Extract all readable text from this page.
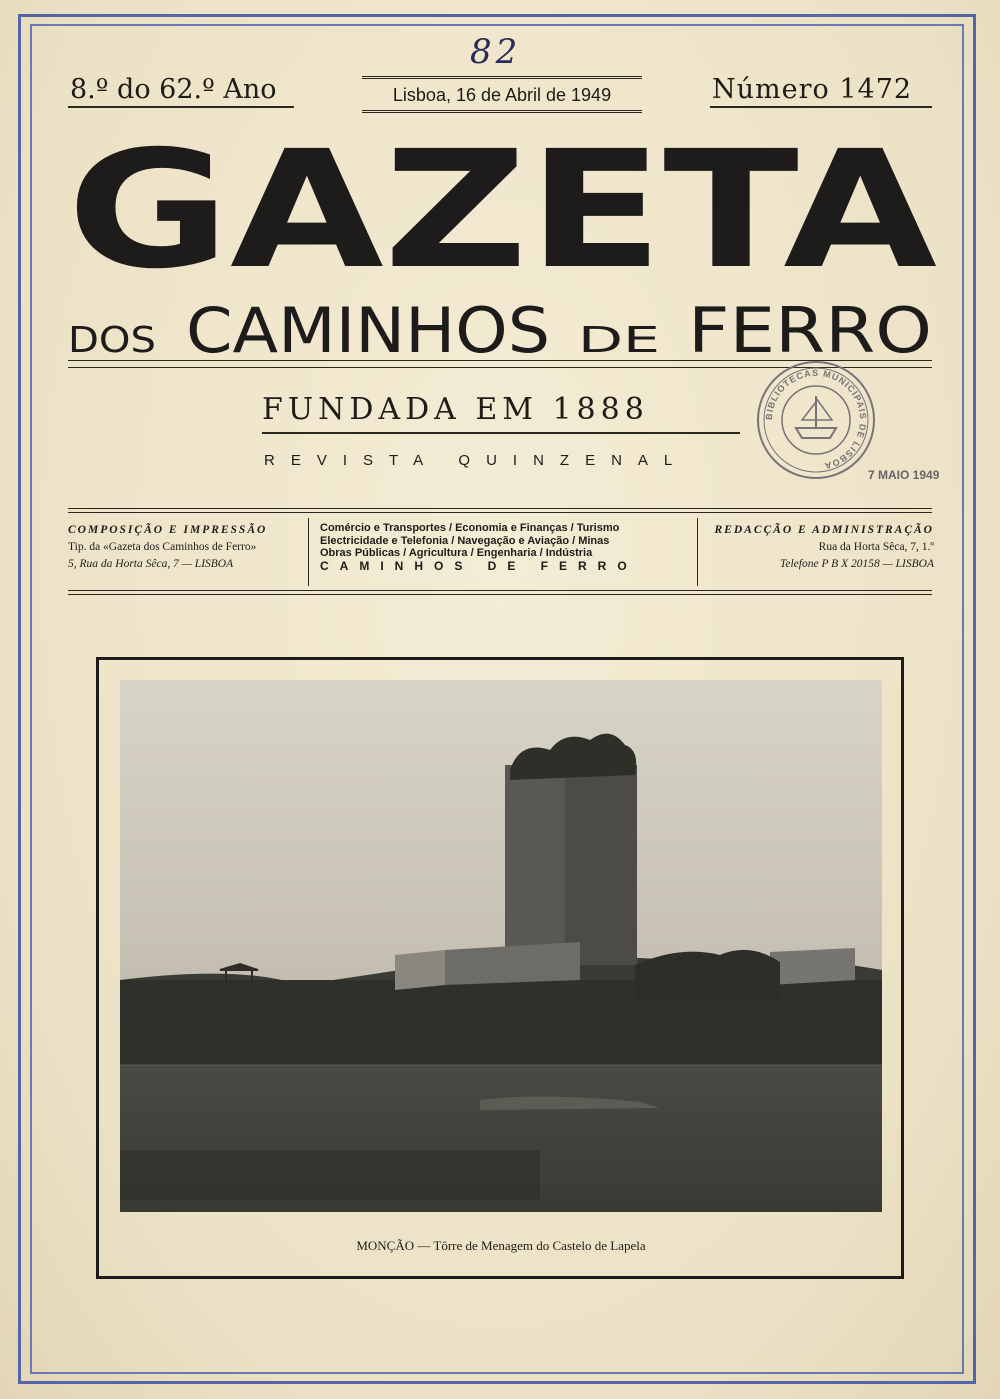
82
8.º do 62.º Ano	Lisboa, 16 de Abril de 1949	Número 1472
GAZETA
DOS CAMINHOS DE FERRO
FUNDADA EM 1888
REVISTA QUINZENAL
BIBLIOTECAS MUNICIPAIS DE LISBOA
7 MAIO 1949
COMPOSIÇÃO E IMPRESSÃO
Tip. da «Gazeta dos Caminhos de Ferro»
5, Rua da Horta Sêca, 7 — LISBOA
Comércio e Transportes / Economia e Finanças / Turismo
Electricidade e Telefonia / Navegação e Aviação / Minas
Obras Públicas / Agricultura / Engenharia / Indústria
CAMINHOS DE FERRO
REDACÇÃO E ADMINISTRAÇÃO
Rua da Horta Sêca, 7, 1.º
Telefone P B X 20158 — LISBOA
MONÇÃO — Tôrre de Menagem do Castelo de Lapela
